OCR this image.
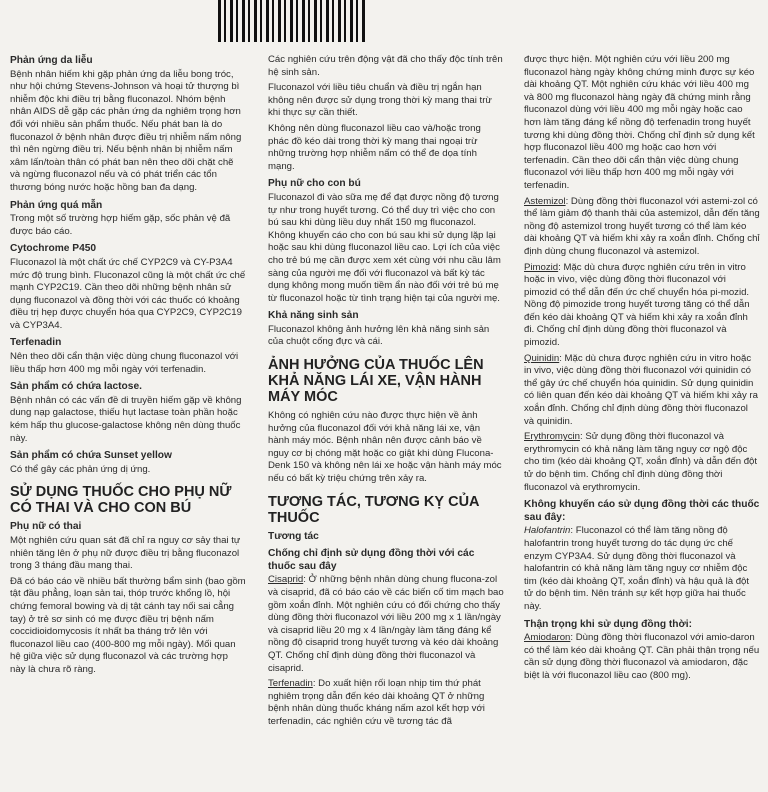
Phản ứng da liễu

Bệnh nhân hiếm khi gặp phản ứng da liễu bong tróc, như hội chứng Stevens-Johnson và hoại tử thượng bì nhiễm độc khi điều trị bằng fluconazol. Nhóm bệnh nhân AIDS dễ gặp các phản ứng da nghiêm trọng hơn đối với nhiều sản phẩm thuốc. Nếu phát ban là do fluconazol ở bệnh nhân được điều trị nhiễm nấm nông thì nên ngừng điều trị. Nếu bệnh nhân bị nhiễm nấm xâm lấn/toàn thân có phát ban nên theo dõi chặt chẽ và ngừng fluconazol nếu và có phát triển các tổn thương bóng nước hoặc hồng ban đa dạng.

Phản ứng quá mẫn

Trong một số trường hợp hiếm gặp, sốc phản vệ đã được báo cáo.

Cytochrome P450

Fluconazol là một chất ức chế CYP2C9 và CY-P3A4 mức độ trung bình. Fluconazol cũng là một chất ức chế mạnh CYP2C19. Cần theo dõi những bệnh nhân sử dụng fluconazol và đồng thời với các thuốc có khoảng điều trị hẹp được chuyển hóa qua CYP2C9, CYP2C19 và CYP3A4.

Terfenadin

Nên theo dõi cẩn thận việc dùng chung fluconazol với liều thấp hơn 400 mg mỗi ngày với terfenadin.

Sản phẩm có chứa lactose.

Bệnh nhân có các vấn đề di truyền hiếm gặp về không dung nạp galactose, thiếu hụt lactase toàn phần hoặc kém hấp thu glucose-galactose không nên dùng thuốc này.

Sản phẩm có chứa Sunset yellow

Có thể gây các phản ứng dị ứng.

SỬ DỤNG THUỐC CHO PHỤ NỮ CÓ THAI VÀ CHO CON BÚ
Phụ nữ có thai

Một nghiên cứu quan sát đã chỉ ra nguy cơ sảy thai tự nhiên tăng lên ở phụ nữ được điều trị bằng fluconazol trong 3 tháng đầu mang thai.

Đã có báo cáo về nhiều bất thường bẩm sinh (bao gồm tật đầu phẳng, loạn sản tai, thóp trước khổng lồ, hội chứng femoral bowing và dị tật cánh tay nối sai cẳng tay) ở trẻ sơ sinh có mẹ được điều trị bệnh nấm coccidioidomycosis ít nhất ba tháng trở lên với fluconazol liều cao (400-800 mg mỗi ngày). Mối quan hệ giữa việc sử dụng fluconazol và các trường hợp này là chưa rõ ràng.

Các nghiên cứu trên động vật đã cho thấy độc tính trên hệ sinh sản.

Fluconazol với liều tiêu chuẩn và điều trị ngắn hạn không nên được sử dụng trong thời kỳ mang thai trừ khi thực sự cần thiết.

Không nên dùng fluconazol liều cao và/hoặc trong phác đồ kéo dài trong thời kỳ mang thai ngoại trừ những trường hợp nhiễm nấm có thể đe dọa tính mạng.

Phụ nữ cho con bú

Fluconazol đi vào sữa mẹ để đạt được nồng độ tương tự như trong huyết tương. Có thể duy trì việc cho con bú sau khi dùng liều duy nhất 150 mg fluconazol. Không khuyến cáo cho con bú sau khi sử dụng lặp lại hoặc sau khi dùng fluconazol liều cao. Lợi ích của việc cho trẻ bú mẹ cần được xem xét cùng với nhu cầu lâm sàng của người mẹ đối với fluconazol và bất kỳ tác dụng không mong muốn tiềm ẩn nào đối với trẻ bú mẹ từ fluconazol hoặc từ tình trạng hiện tại của người mẹ.

Khả năng sinh sản

Fluconazol không ảnh hưởng lên khả năng sinh sản của chuột cống đực và cái.

ẢNH HƯỞNG CỦA THUỐC LÊN KHẢ NĂNG LÁI XE, VẬN HÀNH MÁY MÓC

Không có nghiên cứu nào được thực hiện về ảnh hưởng của fluconazol đối với khả năng lái xe, vận hành máy móc. Bệnh nhân nên được cảnh báo về nguy cơ bị chóng mặt hoặc co giật khi dùng Flucona-Denk 150 và không nên lái xe hoặc vận hành máy móc nếu có bất kỳ triệu chứng trên xảy ra.

TƯƠNG TÁC, TƯƠNG KỴ CỦA THUỐC
Tương tác
Chống chỉ định sử dụng đồng thời với các thuốc sau đây

Cisaprid: Ở những bệnh nhân dùng chung flucona-zol và cisaprid, đã có báo cáo về các biến cố tim mạch bao gồm xoắn đỉnh. Một nghiên cứu có đối chứng cho thấy dùng đồng thời fluconazol với liều 200 mg x 1 lần/ngày và cisaprid liều 20 mg x 4 lần/ngày làm tăng đáng kể nồng độ cisaprid trong huyết tương và kéo dài khoảng QT. Chống chỉ định dùng đồng thời fluconazol và cisaprid.

Terfenadin: Do xuất hiện rối loạn nhịp tim thứ phát nghiêm trọng dẫn đến kéo dài khoảng QT ở những bệnh nhân dùng thuốc kháng nấm azol kết hợp với terfenadin, các nghiên cứu về tương tác đã

được thực hiện. Một nghiên cứu với liều 200 mg fluconazol hàng ngày không chứng minh được sự kéo dài khoảng QT. Một nghiên cứu khác với liều 400 mg và 800 mg fluconazol hàng ngày đã chứng minh rằng fluconazol dùng với liều 400 mg mỗi ngày hoặc cao hơn làm tăng đáng kể nồng độ terfenadin trong huyết tương khi dùng đồng thời. Chống chỉ định sử dụng kết hợp fluconazol liều 400 mg hoặc cao hơn với terfenadin. Cần theo dõi cẩn thận việc dùng chung fluconazol với liều thấp hơn 400 mg mỗi ngày với terfenadin.

Astemizol: Dùng đồng thời fluconazol với astemi-zol có thể làm giảm độ thanh thải của astemizol, dẫn đến tăng nồng độ astemizol trong huyết tương có thể làm kéo dài khoảng QT và hiếm khi xảy ra xoắn đỉnh. Chống chỉ định dùng chung fluconazol và astemizol.

Pimozid: Mặc dù chưa được nghiên cứu trên in vitro hoặc in vivo, việc dùng đồng thời fluconazol với pimozid có thể dẫn đến ức chế chuyển hóa pi-mozid. Nồng độ pimozide trong huyết tương tăng có thể dẫn đến kéo dài khoảng QT và hiếm khi xảy ra xoắn đỉnh đi. Chống chỉ định dùng đồng thời fluconazol và pimozid.

Quinidin: Mặc dù chưa được nghiên cứu in vitro hoặc in vivo, việc dùng đồng thời fluconazol với quinidin có thể gây ức chế chuyển hóa quinidin. Sử dụng quinidin có liên quan đến kéo dài khoảng QT và hiếm khi xảy ra xoắn đỉnh. Chống chỉ định dùng đồng thời fluconazol và quinidin.

Erythromycin: Sử dụng đồng thời fluconazol và erythromycin có khả năng làm tăng nguy cơ ngộ độc cho tim (kéo dài khoảng QT, xoắn đỉnh) và dẫn đến đột tử do bệnh tim. Chống chỉ định dùng đồng thời fluconazol và erythromycin.

Không khuyến cáo sử dụng đồng thời các thuốc sau đây:

Halofantrin: Fluconazol có thể làm tăng nồng độ halofantrin trong huyết tương do tác dụng ức chế enzym CYP3A4. Sử dụng đồng thời fluconazol và halofantrin có khả năng làm tăng nguy cơ nhiễm độc tim (kéo dài khoảng QT, xoắn đỉnh) và hậu quả là đột tử do bệnh tim. Nên tránh sự kết hợp giữa hai thuốc này.

Thận trọng khi sử dụng đồng thời:

Amiodaron: Dùng đồng thời fluconazol với amio-daron có thể làm kéo dài khoảng QT. Cần phải thận trọng nếu cần sử dụng đồng thời fluconazol và amiodaron, đặc biệt là với fluconazol liều cao (800 mg).
